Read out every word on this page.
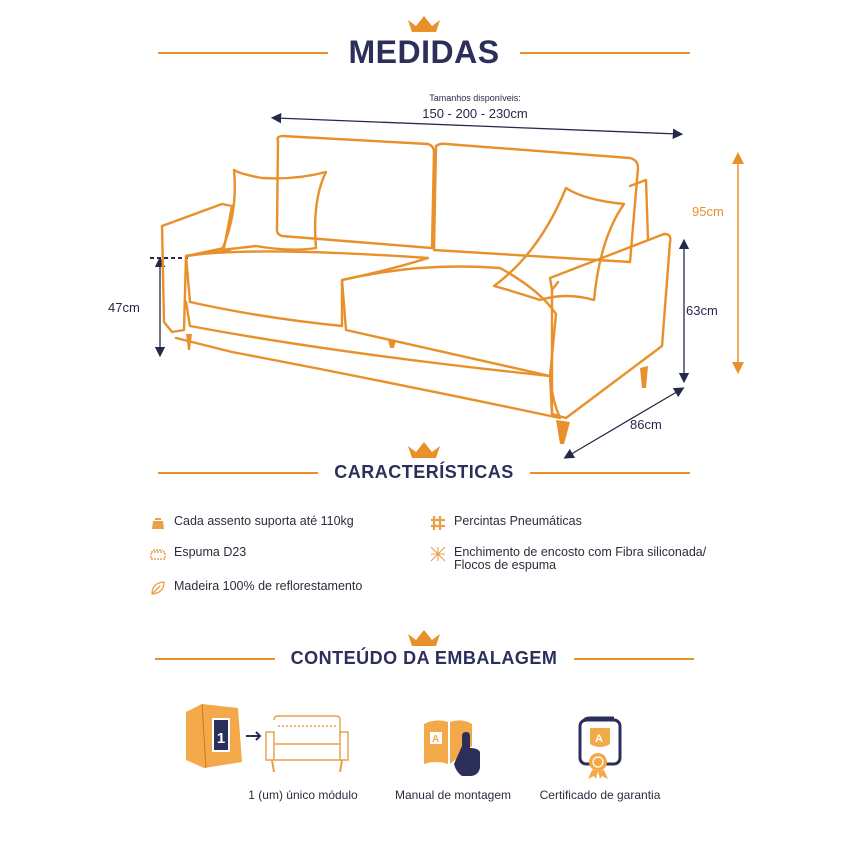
MEDIDAS
Tamanhos disponíveis:
150 - 200 - 230cm
95cm
47cm	63cm
86cm
CARACTERÍSTICAS
Cada assento suporta até 110kg	Percintas Pneumáticas
Espuma D23	Enchimento de encosto com Fibra siliconada/
Flocos de espuma
Madeira 100% de reflorestamento
CONTEÚDO DA EMBALAGEM
1	A	A
1 (um) único módulo	Manual de montagem	Certificado de garantia
